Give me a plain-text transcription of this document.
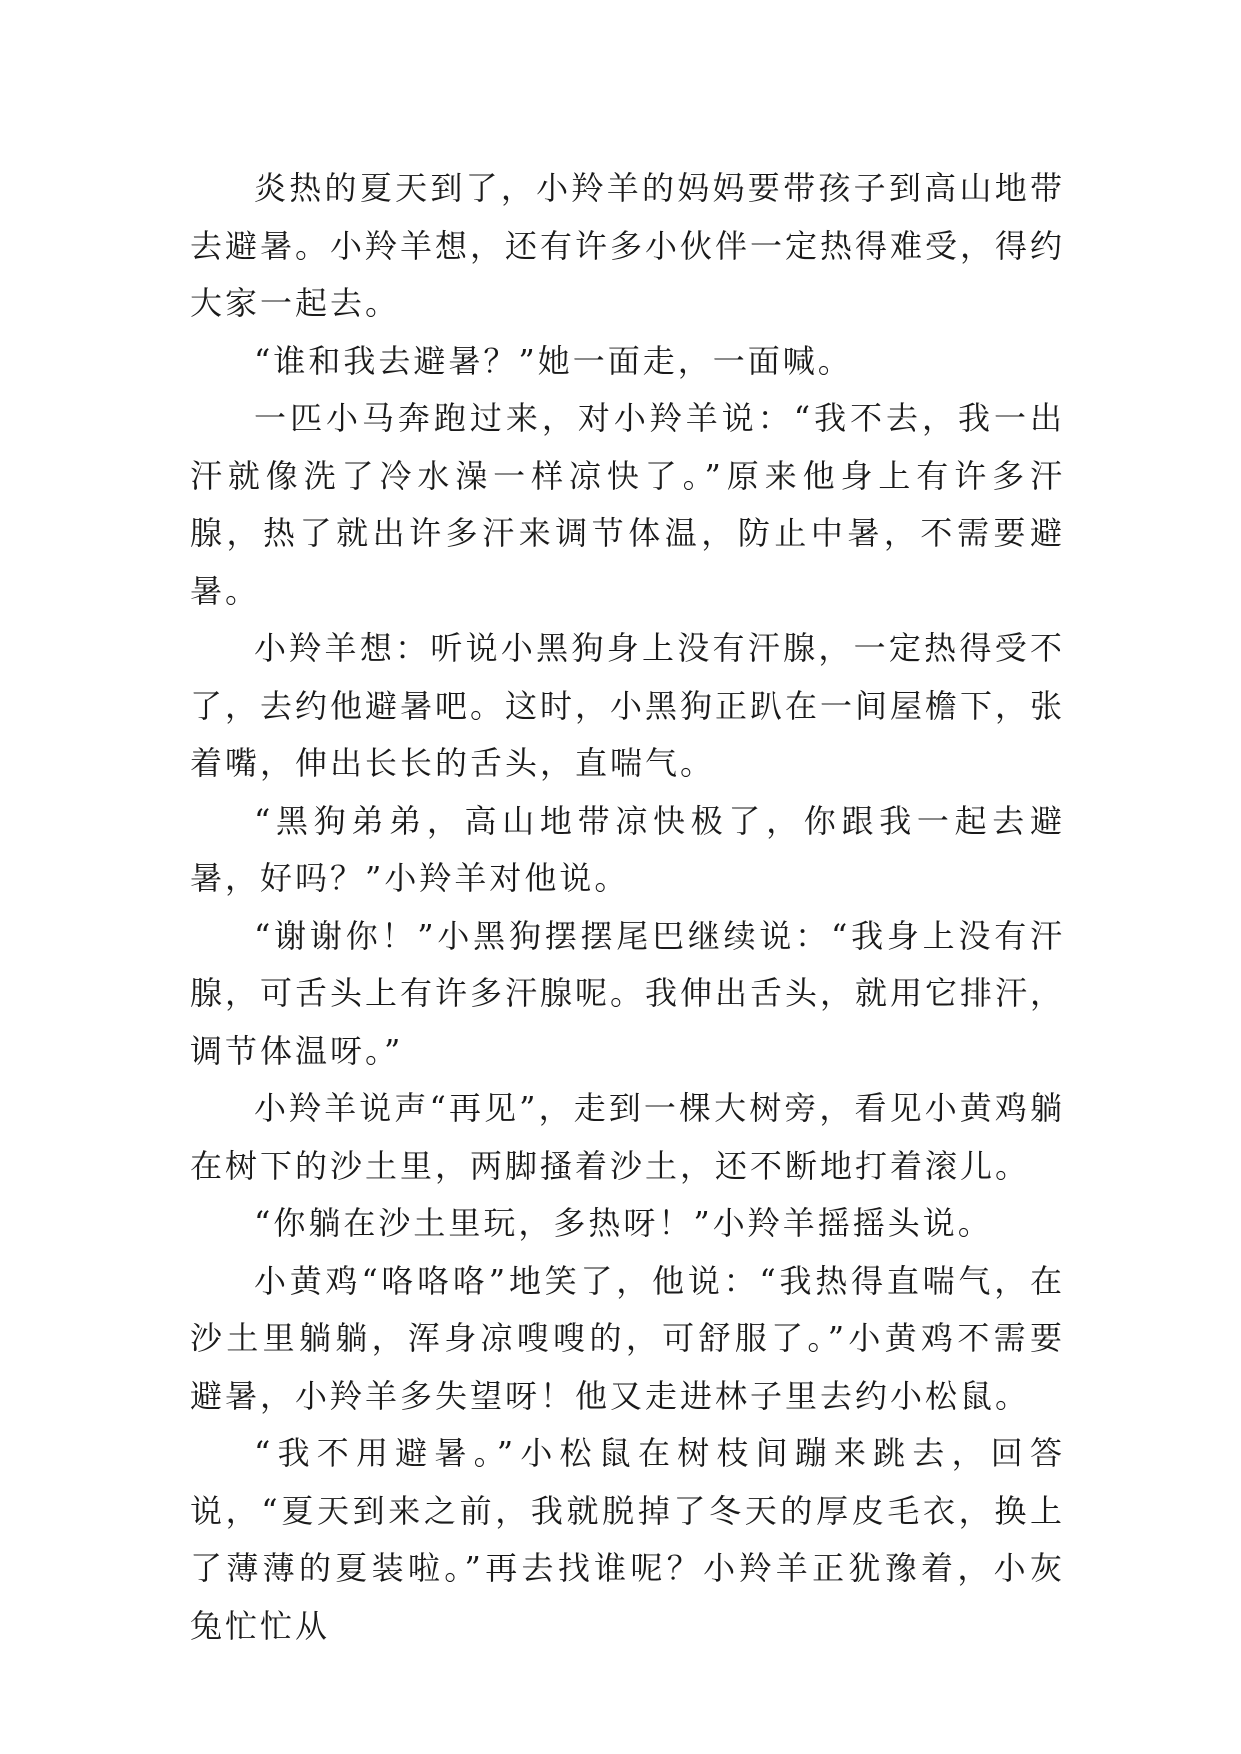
炎热的夏天到了，小羚羊的妈妈要带孩子到高山地带去避暑。小羚羊想，还有许多小伙伴一定热得难受，得约大家一起去。

“谁和我去避暑？”她一面走，一面喊。

一匹小马奔跑过来，对小羚羊说：“我不去，我一出汗就像洗了冷水澡一样凉快了。”原来他身上有许多汗腺，热了就出许多汗来调节体温，防止中暑，不需要避暑。

小羚羊想：听说小黑狗身上没有汗腺，一定热得受不了，去约他避暑吧。这时，小黑狗正趴在一间屋檐下，张着嘴，伸出长长的舌头，直喘气。

“黑狗弟弟，高山地带凉快极了，你跟我一起去避暑，好吗？”小羚羊对他说。

“谢谢你！”小黑狗摆摆尾巴继续说：“我身上没有汗腺，可舌头上有许多汗腺呢。我伸出舌头，就用它排汗，调节体温呀。”

小羚羊说声“再见”，走到一棵大树旁，看见小黄鸡躺在树下的沙土里，两脚搔着沙土，还不断地打着滚儿。

“你躺在沙土里玩，多热呀！”小羚羊摇摇头说。

小黄鸡“咯咯咯”地笑了，他说：“我热得直喘气，在沙土里躺躺，浑身凉嗖嗖的，可舒服了。”小黄鸡不需要避暑，小羚羊多失望呀！他又走进林子里去约小松鼠。

“我不用避暑。”小松鼠在树枝间蹦来跳去，回答说，“夏天到来之前，我就脱掉了冬天的厚皮毛衣，换上了薄薄的夏装啦。”再去找谁呢？小羚羊正犹豫着，小灰兔忙忙从
